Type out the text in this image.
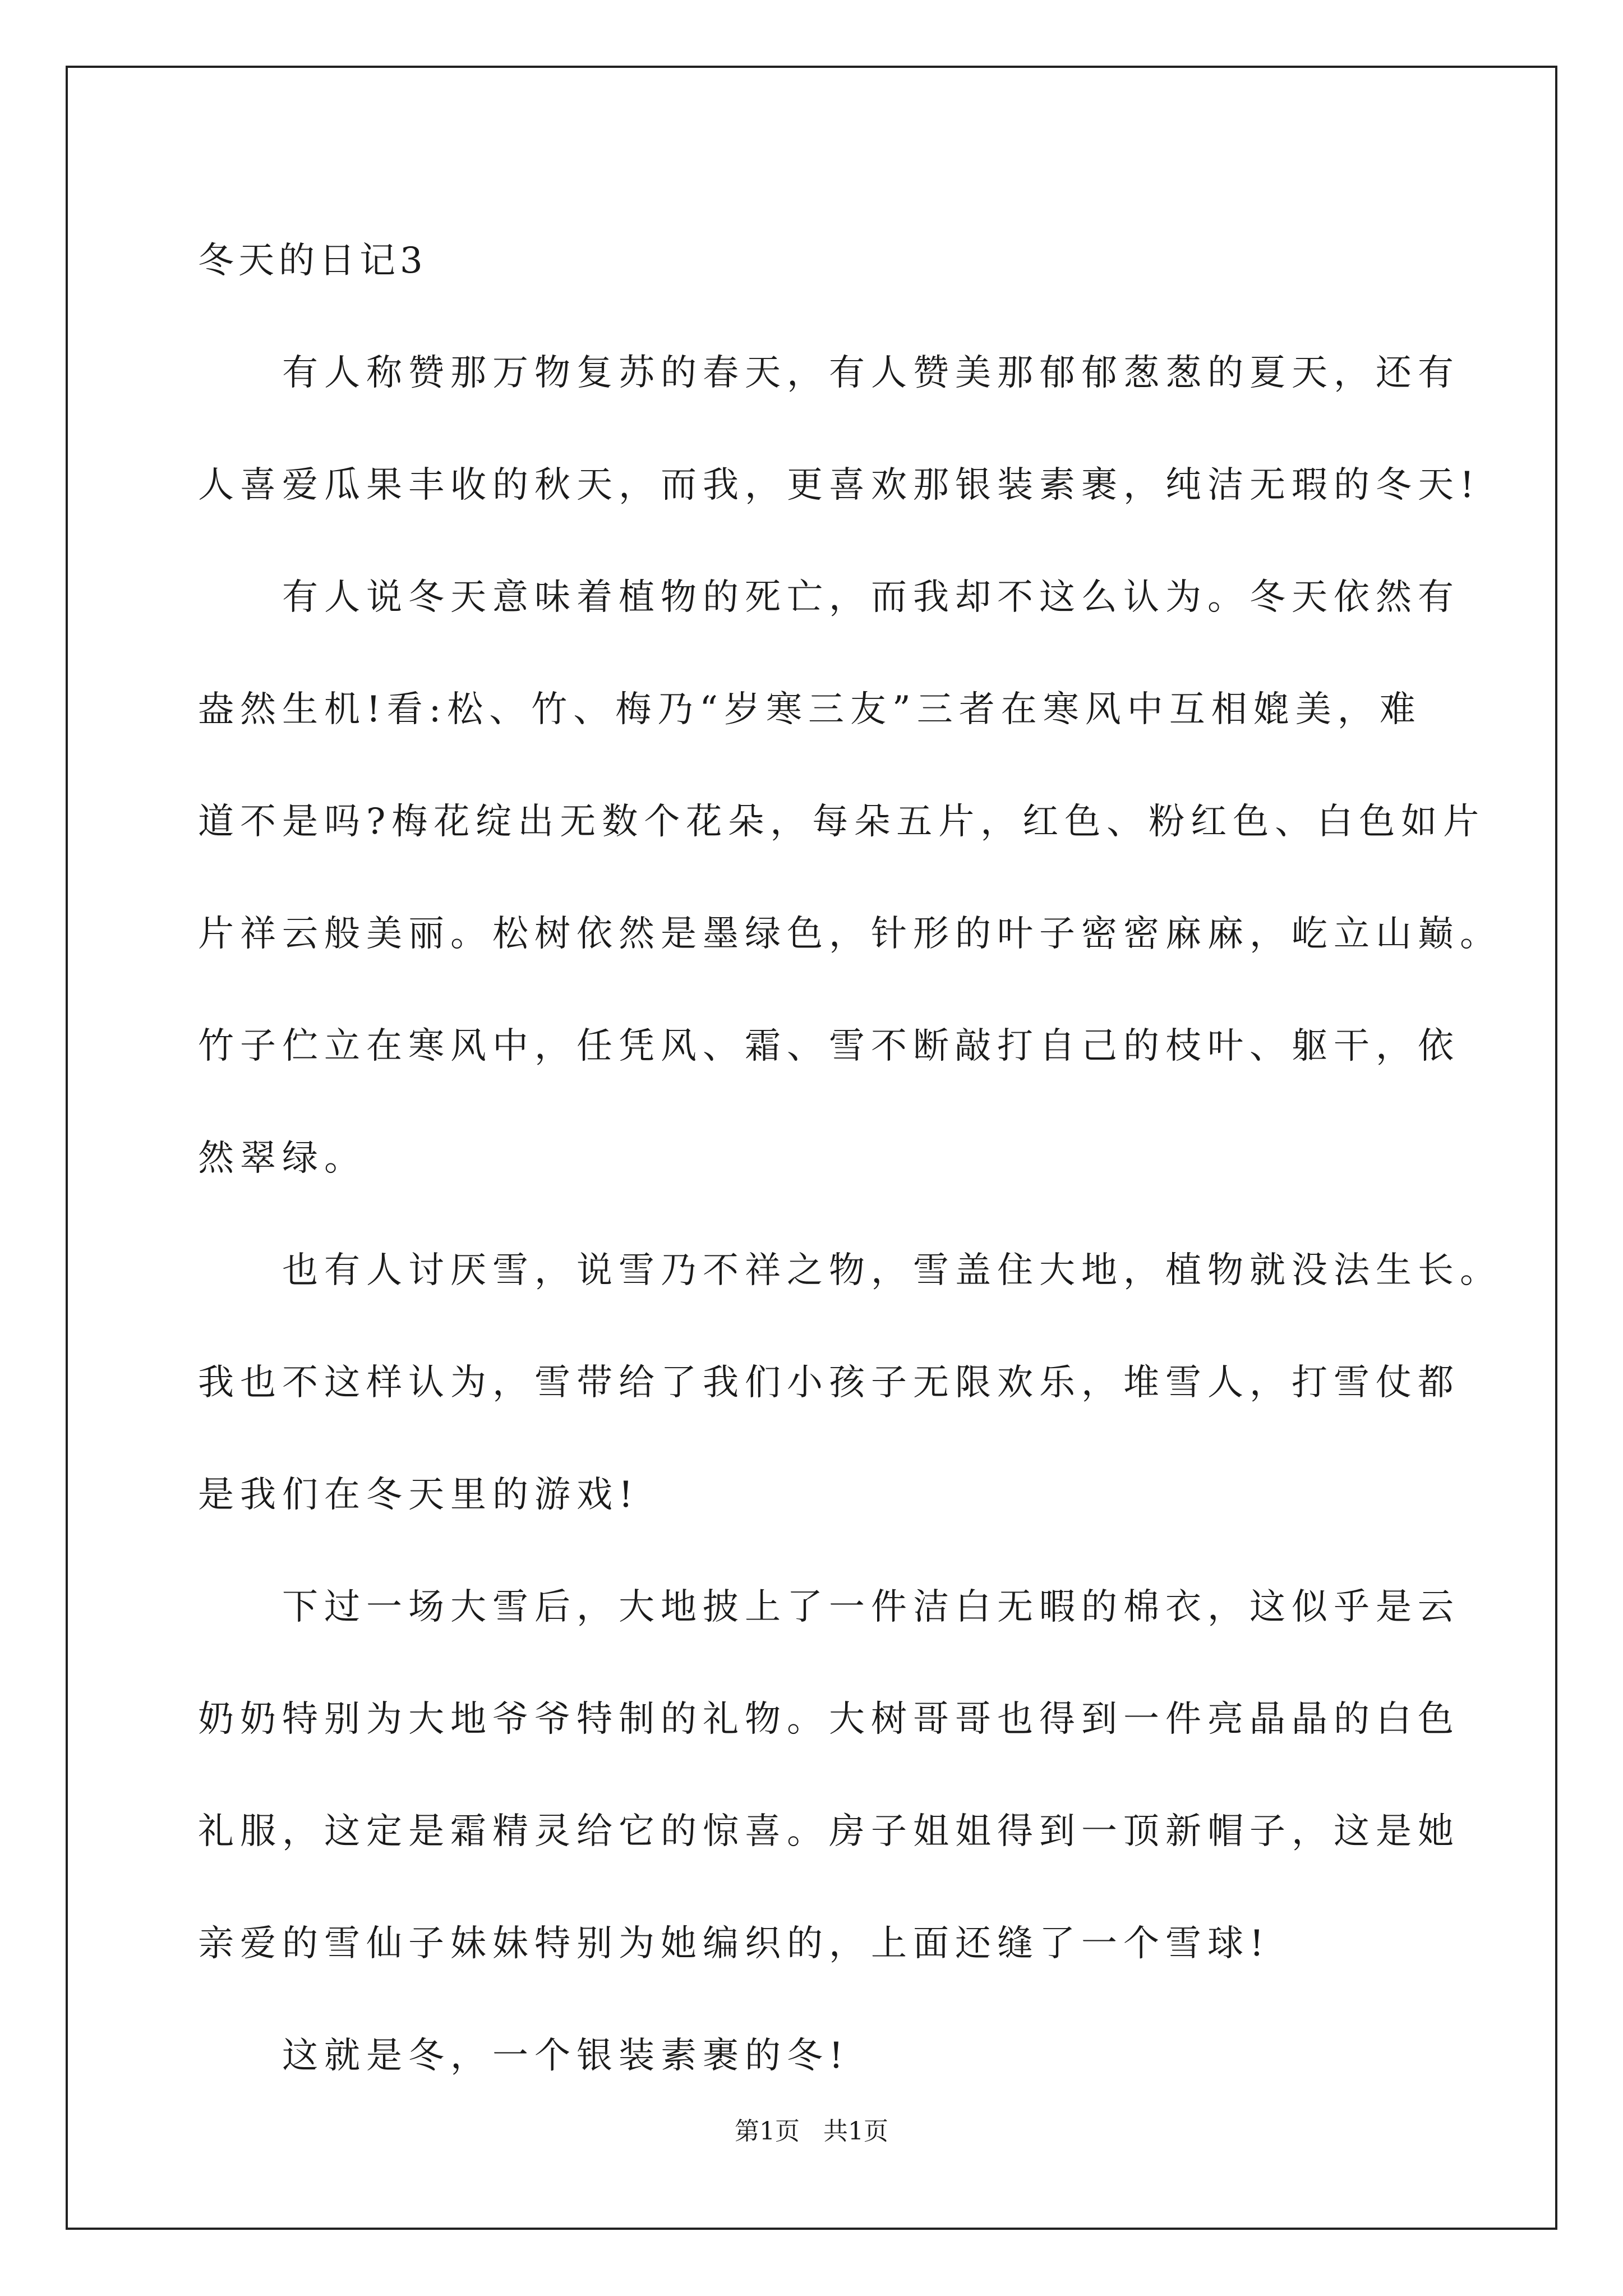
冬天的日记3
有人称赞那万物复苏的春天，有人赞美那郁郁葱葱的夏天，还有
人喜爱瓜果丰收的秋天，而我，更喜欢那银装素裹，纯洁无瑕的冬天!
有人说冬天意味着植物的死亡，而我却不这么认为。冬天依然有
盎然生机!看:松、竹、梅乃“岁寒三友”三者在寒风中互相媲美，难
道不是吗?梅花绽出无数个花朵，每朵五片，红色、粉红色、白色如片
片祥云般美丽。松树依然是墨绿色，针形的叶子密密麻麻，屹立山巅。
竹子伫立在寒风中，任凭风、霜、雪不断敲打自己的枝叶、躯干，依
然翠绿。
也有人讨厌雪，说雪乃不祥之物，雪盖住大地，植物就没法生长。
我也不这样认为，雪带给了我们小孩子无限欢乐，堆雪人，打雪仗都
是我们在冬天里的游戏!
下过一场大雪后，大地披上了一件洁白无暇的棉衣，这似乎是云
奶奶特别为大地爷爷特制的礼物。大树哥哥也得到一件亮晶晶的白色
礼服，这定是霜精灵给它的惊喜。房子姐姐得到一顶新帽子，这是她
亲爱的雪仙子妹妹特别为她编织的，上面还缝了一个雪球!
这就是冬，一个银装素裹的冬!
第1页   共1页
